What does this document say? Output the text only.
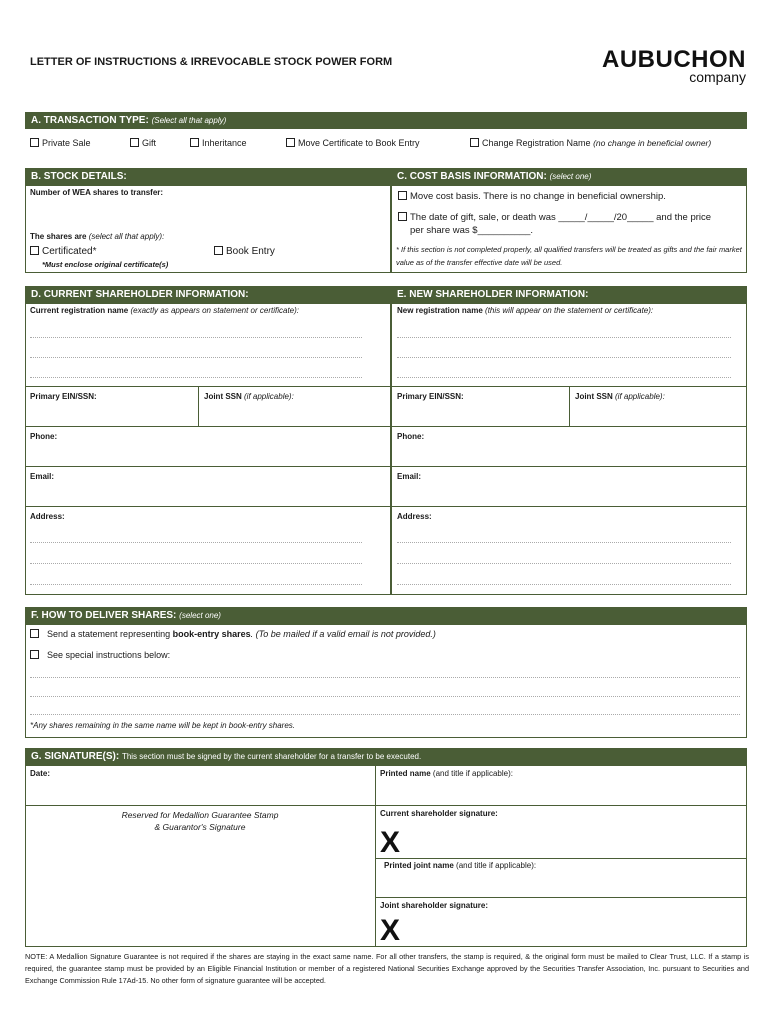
LETTER OF INSTRUCTIONS & IRREVOCABLE STOCK POWER FORM	AUBUCHON
company
A. TRANSACTION TYPE: (Select all that apply)
Private Sale	Gift	Inheritance	Move Certificate to Book Entry	Change Registration Name (no change in beneficial owner)
B. STOCK DETAILS:
Number of WEA shares to transfer:
The shares are (select all that apply):
Certificated*	Book Entry
*Must enclose original certificate(s)
C. COST BASIS INFORMATION: (select one)
Move cost basis. There is no change in beneficial ownership.
The date of gift, sale, or death was _____/_____/20_____ and the price
per share was $__________.
* If this section is not completed properly, all qualified transfers will be treated as gifts and the fair market value as of the transfer effective date will be used.
D. CURRENT SHAREHOLDER INFORMATION:
Current registration name (exactly as appears on statement or certificate):
Primary EIN/SSN:	Joint SSN (if applicable):
Phone:
Email:
Address:
E. NEW SHAREHOLDER INFORMATION:
New registration name (this will appear on the statement or certificate):
Primary EIN/SSN:	Joint SSN (if applicable):
Phone:
Email:
Address:
F. HOW TO DELIVER SHARES: (select one)
Send a statement representing book-entry shares. (To be mailed if a valid email is not provided.)
See special instructions below:
*Any shares remaining in the same name will be kept in book-entry shares.
G. SIGNATURE(S): This section must be signed by the current shareholder for a transfer to be executed.
Date:	Printed name (and title if applicable):
Reserved for Medallion Guarantee Stamp
& Guarantor's Signature
Current shareholder signature:
X
Printed joint name (and title if applicable):
Joint shareholder signature:
X
NOTE: A Medallion Signature Guarantee is not required if the shares are staying in the exact same name. For all other transfers, the stamp is required, & the original form must be mailed to Clear Trust, LLC. If a stamp is required, the guarantee stamp must be provided by an Eligible Financial Institution or member of a registered National Securities Exchange approved by the Securities Transfer Association, Inc. pursuant to Securities and Exchange Commission Rule 17Ad-15. No other form of signature guarantee will be accepted.
